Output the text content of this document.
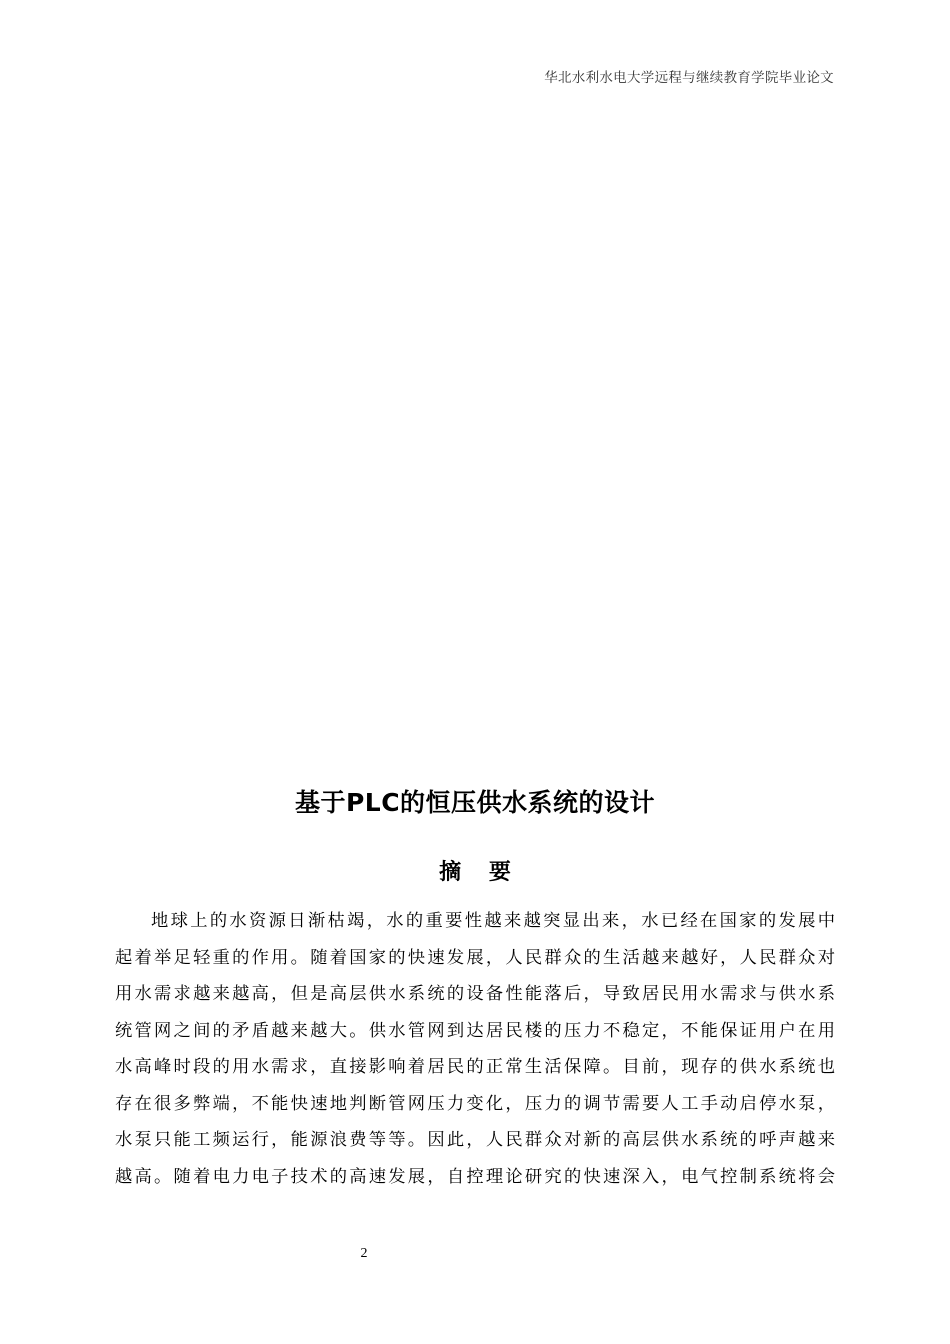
华北水利水电大学远程与继续教育学院毕业论文
基于PLC的恒压供水系统的设计
摘 要
地球上的水资源日渐枯竭，水的重要性越来越突显出来，水已经在国家的发展中
起着举足轻重的作用。随着国家的快速发展，人民群众的生活越来越好，人民群众对
用水需求越来越高，但是高层供水系统的设备性能落后，导致居民用水需求与供水系
统管网之间的矛盾越来越大。供水管网到达居民楼的压力不稳定，不能保证用户在用
水高峰时段的用水需求，直接影响着居民的正常生活保障。目前，现存的供水系统也
存在很多弊端，不能快速地判断管网压力变化，压力的调节需要人工手动启停水泵，
水泵只能工频运行，能源浪费等等。因此，人民群众对新的高层供水系统的呼声越来
越高。随着电力电子技术的高速发展，自控理论研究的快速深入，电气控制系统将会
2
